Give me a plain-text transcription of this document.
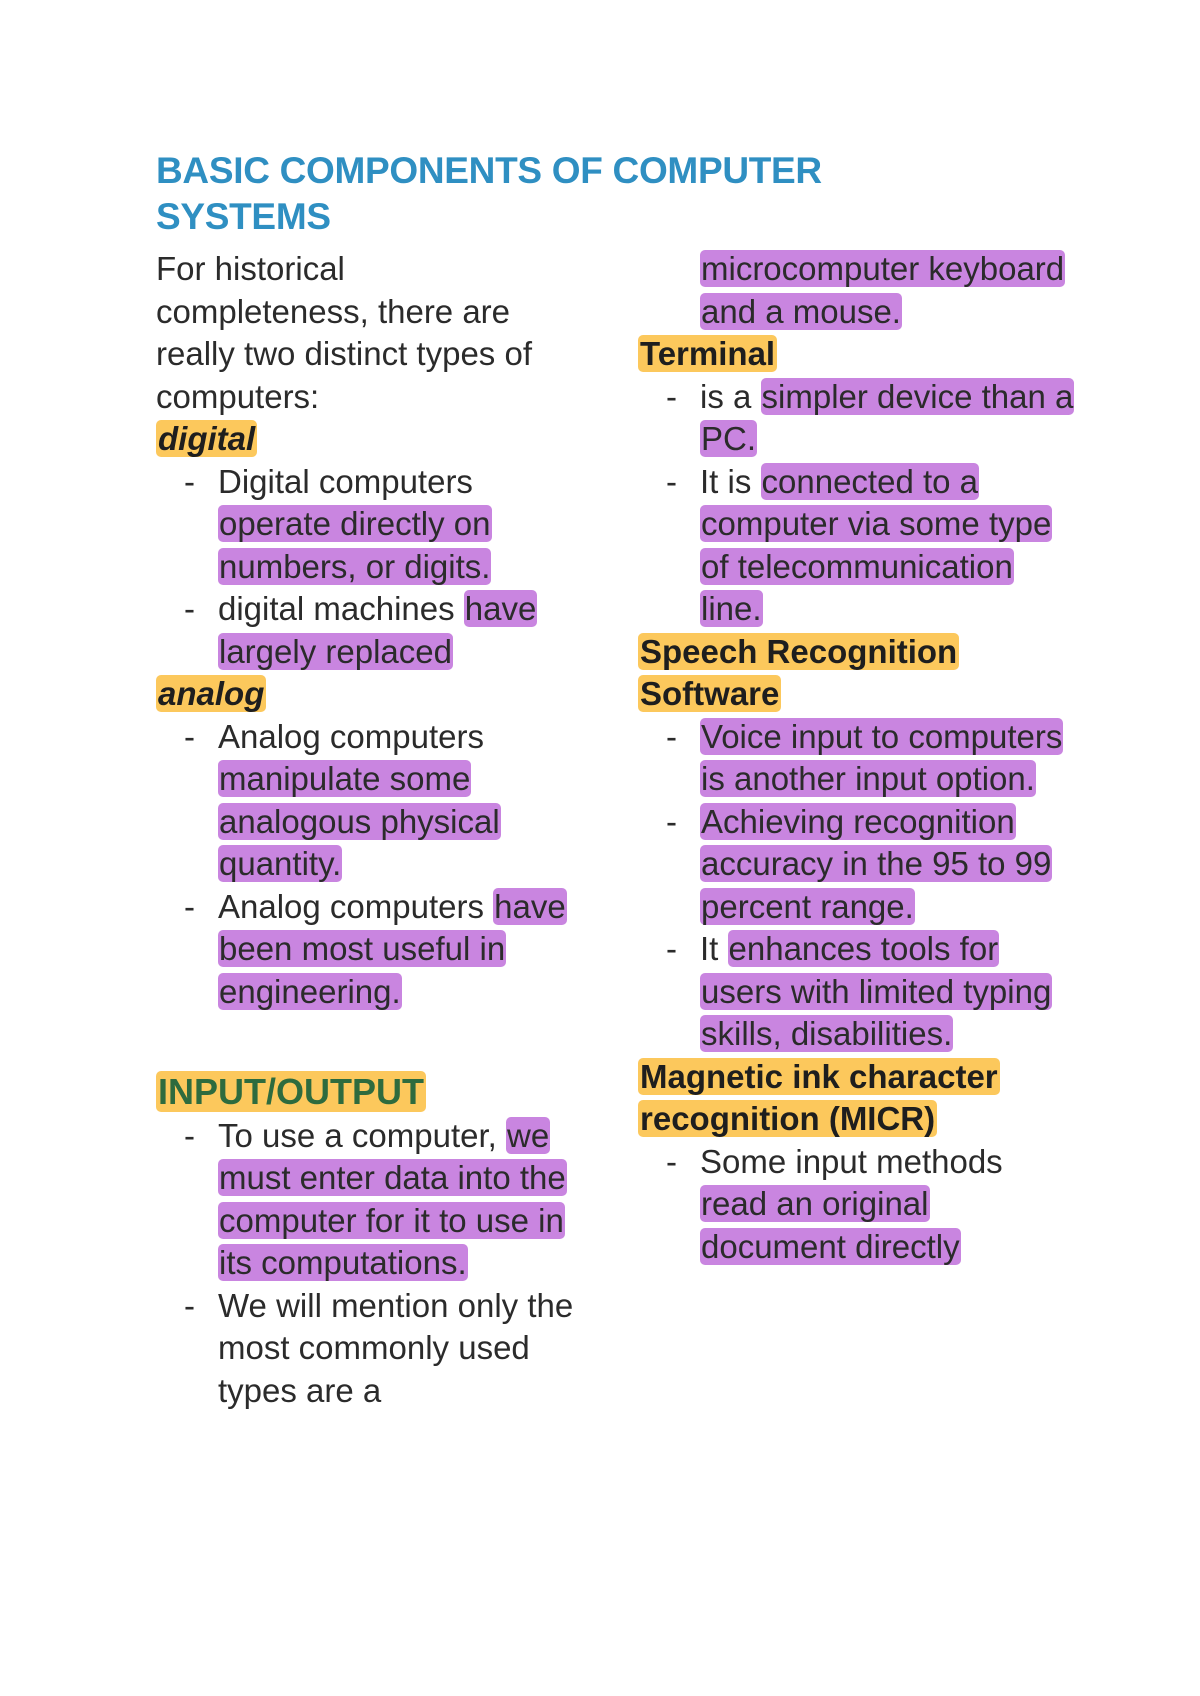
BASIC COMPONENTS OF COMPUTER SYSTEMS

For historical completeness, there are really two distinct types of computers:

digital
- Digital computers operate directly on numbers, or digits.
- digital machines have largely replaced
analog
- Analog computers manipulate some analogous physical quantity.
- Analog computers have been most useful in engineering.
INPUT/OUTPUT
- To use a computer, we must enter data into the computer for it to use in its computations.
- We will mention only the most commonly used types are a
microcomputer keyboard and a mouse.
Terminal
- is a simpler device than a PC.
- It is connected to a computer via some type of telecommunication line.
Speech Recognition Software
- Voice input to computers is another input option.
- Achieving recognition accuracy in the 95 to 99 percent range.
- It enhances tools for users with limited typing skills, disabilities.
Magnetic ink character recognition (MICR)
- Some input methods read an original document directly
